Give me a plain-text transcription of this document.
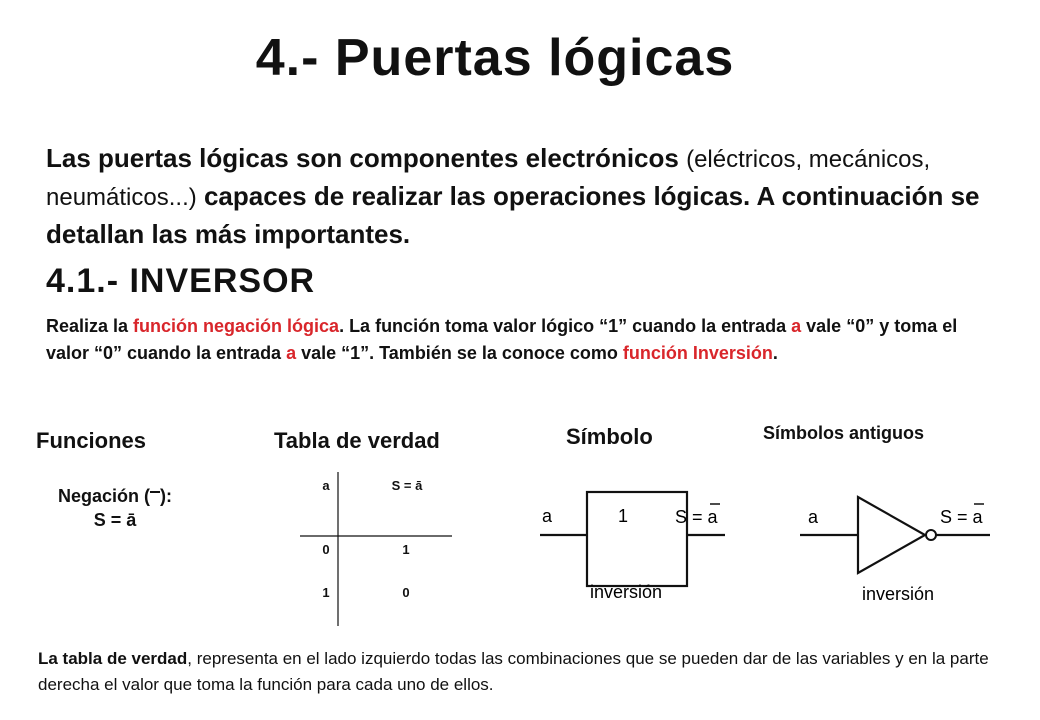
4.- Puertas lógicas
Las puertas lógicas son componentes electrónicos (eléctricos, mecánicos, neumáticos...) capaces de realizar las operaciones lógicas. A continuación se detallan las más importantes.
4.1.- INVERSOR
Realiza la función negación lógica. La función toma valor lógico “1” cuando la entrada a vale “0” y toma el valor “0” cuando la entrada a vale “1”. También se la conoce como función Inversión.
Funciones	Tabla de verdad	Símbolo	Símbolos antiguos
Negación ( ):
S = ā
a	S = ā
0	1
1	0
a	1	S = a
inversión
a	S = a
inversión
La tabla de verdad, representa en el lado izquierdo todas las combinaciones que se pueden dar de las variables y en la parte derecha el valor que toma la función para cada uno de ellos.
